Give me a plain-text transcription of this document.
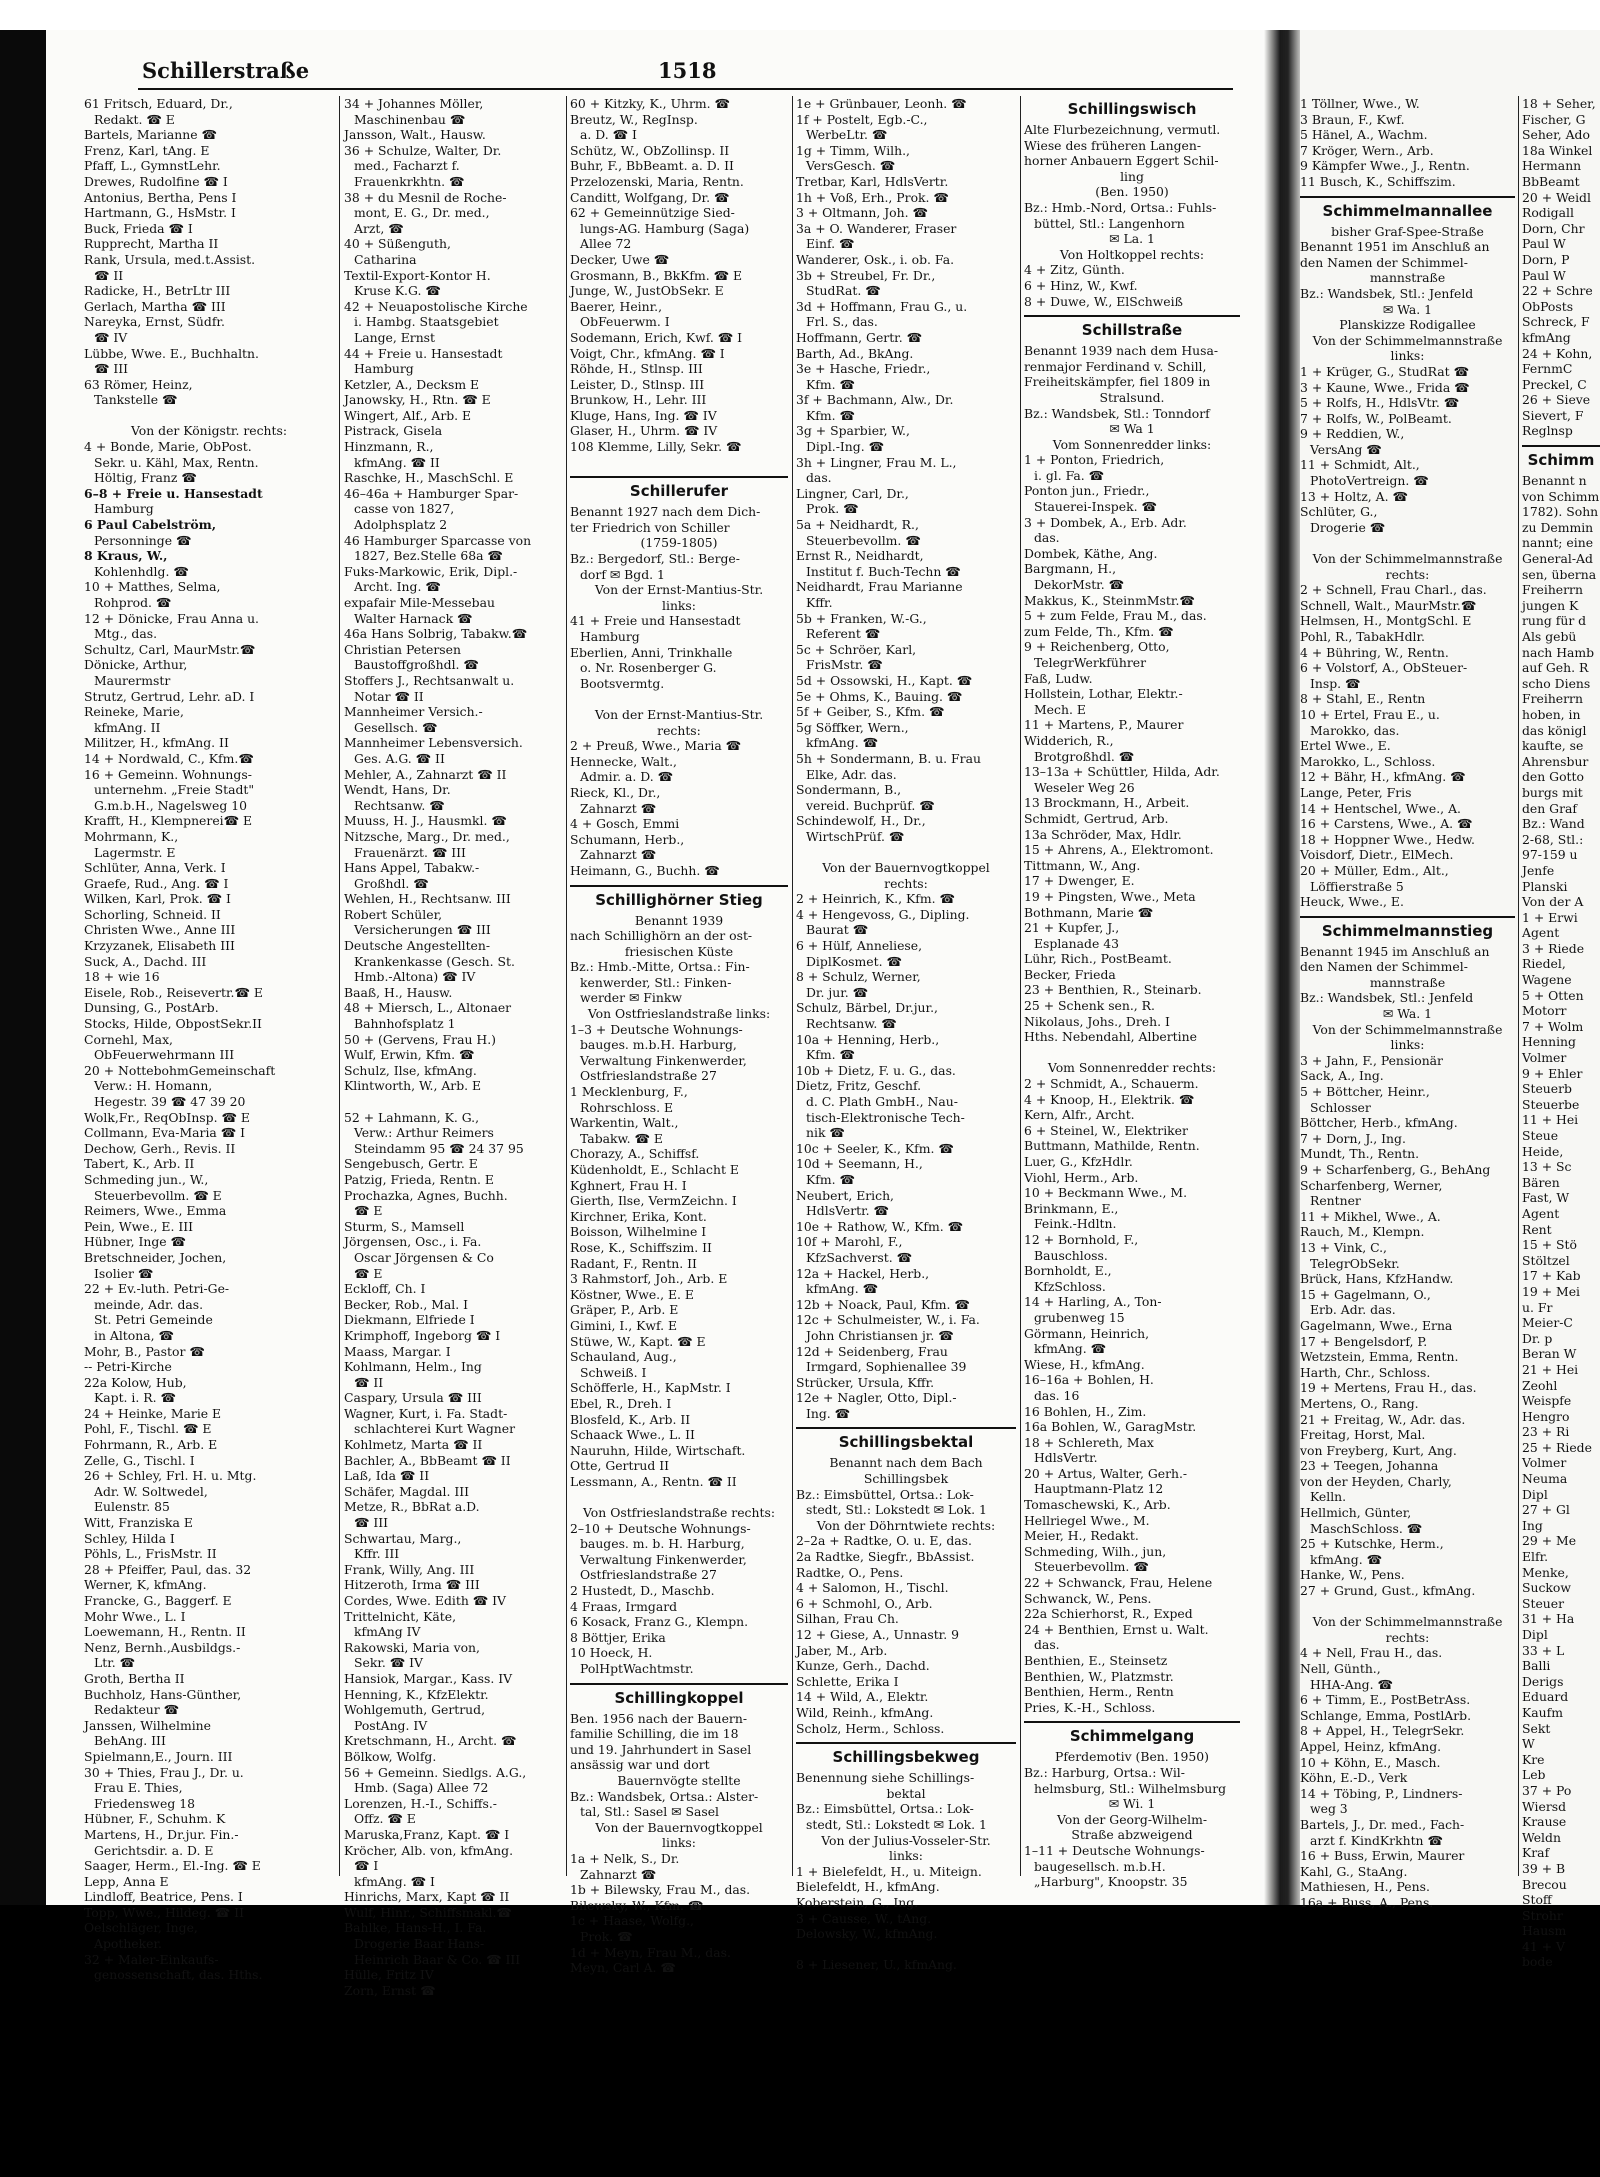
Schillerstraße	1518
61 Fritsch, Eduard, Dr.,
Redakt. ☎ E
Bartels, Marianne ☎
Frenz, Karl, tAng. E
Pfaff, L., GymnstLehr.
Drewes, Rudolfine ☎ I
Antonius, Bertha, Pens I
Hartmann, G., HsMstr. I
Buck, Frieda ☎ I
Rupprecht, Martha II
Rank, Ursula, med.t.Assist.
☎ II
Radicke, H., BetrLtr III
Gerlach, Martha ☎ III
Nareyka, Ernst, Südfr.
☎ IV
Lübbe, Wwe. E., Buchhaltn.
☎ III
63 Römer, Heinz,
Tankstelle ☎

Von der Königstr. rechts:
4 + Bonde, Marie, ObPost.
Sekr. u. Kähl, Max, Rentn.
Höltig, Franz ☎
6–8 + Freie u. Hansestadt
Hamburg
6 Paul Cabelström,
Personninge ☎
8 Kraus, W.,
Kohlenhdlg. ☎
10 + Matthes, Selma,
Rohprod. ☎
12 + Dönicke, Frau Anna u.
Mtg., das.
Schultz, Carl, MaurMstr.☎
Dönicke, Arthur,
Maurermstr
Strutz, Gertrud, Lehr. aD. I
Reineke, Marie,
kfmAng. II
Militzer, H., kfmAng. II
14 + Nordwald, C., Kfm.☎
16 + Gemeinn. Wohnungs-
unternehm. „Freie Stadt"
G.m.b.H., Nagelsweg 10
Krafft, H., Klempnerei☎ E
Mohrmann, K.,
Lagermstr. E
Schlüter, Anna, Verk. I
Graefe, Rud., Ang. ☎ I
Wilken, Karl, Prok. ☎ I
Schorling, Schneid. II
Christen Wwe., Anne III
Krzyzanek, Elisabeth III
Suck, A., Dachd. III
18 + wie 16
Eisele, Rob., Reisevertr.☎ E
Dunsing, G., PostArb.
Stocks, Hilde, ObpostSekr.II
Cornehl, Max,
ObFeuerwehrmann III
20 + NottebohmGemeinschaft
Verw.: H. Homann,
Hegestr. 39 ☎ 47 39 20
Wolk,Fr., ReqObInsp. ☎ E
Collmann, Eva-Maria ☎ I
Dechow, Gerh., Revis. II
Tabert, K., Arb. II
Schmeding jun., W.,
Steuerbevollm. ☎ E
Reimers, Wwe., Emma
Pein, Wwe., E. III
Hübner, Inge ☎
Bretschneider, Jochen,
Isolier ☎
22 + Ev.-luth. Petri-Ge-
meinde, Adr. das.
St. Petri Gemeinde
in Altona, ☎
Mohr, B., Pastor ☎
-- Petri-Kirche
22a Kolow, Hub,
Kapt. i. R. ☎
24 + Heinke, Marie E
Pohl, F., Tischl. ☎ E
Fohrmann, R., Arb. E
Zelle, G., Tischl. I
26 + Schley, Frl. H. u. Mtg.
Adr. W. Soltwedel,
Eulenstr. 85
Witt, Franziska E
Schley, Hilda I
Pöhls, L., FrisMstr. II
28 + Pfeiffer, Paul, das. 32
Werner, K, kfmAng.
Francke, G., Baggerf. E
Mohr Wwe., L. I
Loewemann, H., Rentn. II
Nenz, Bernh.,Ausbildgs.-
Ltr. ☎
Groth, Bertha II
Buchholz, Hans-Günther,
Redakteur ☎
Janssen, Wilhelmine
BehAng. III
Spielmann,E., Journ. III
30 + Thies, Frau J., Dr. u.
Frau E. Thies,
Friedensweg 18
Hübner, F., Schuhm. K
Martens, H., Dr.jur. Fin.-
Gerichtsdir. a. D. E
Saager, Herm., El.-Ing. ☎ E
Lepp, Anna E
Lindloff, Beatrice, Pens. I
Topp, Wwe., Hildeg. ☎ II
Oelschläger, Inge,
Apotheker.
32 + Maler-Einkaufs-
genossenschaft, das. Hths.
34 + Johannes Möller,
Maschinenbau ☎
Jansson, Walt., Hausw.
36 + Schulze, Walter, Dr.
med., Facharzt f.
Frauenkrkhtn. ☎
38 + du Mesnil de Roche-
mont, E. G., Dr. med.,
Arzt, ☎
40 + Süßenguth,
Catharina
Textil-Export-Kontor H.
Kruse K.G. ☎
42 + Neuapostolische Kirche
i. Hambg. Staatsgebiet
Lange, Ernst
44 + Freie u. Hansestadt
Hamburg
Ketzler, A., Decksm E
Janowsky, H., Rtn. ☎ E
Wingert, Alf., Arb. E
Pistrack, Gisela
Hinzmann, R.,
kfmAng. ☎ II
Raschke, H., MaschSchl. E
46–46a + Hamburger Spar-
casse von 1827,
Adolphsplatz 2
46 Hamburger Sparcasse von
1827, Bez.Stelle 68a ☎
Fuks-Markowic, Erik, Dipl.-
Archt. Ing. ☎
expafair Mile-Messebau
Walter Harnack ☎
46a Hans Solbrig, Tabakw.☎
Christian Petersen
Baustoffgroßhdl. ☎
Stoffers J., Rechtsanwalt u.
Notar ☎ II
Mannheimer Versich.-
Gesellsch. ☎
Mannheimer Lebensversich.
Ges. A.G. ☎ II
Mehler, A., Zahnarzt ☎ II
Wendt, Hans, Dr.
Rechtsanw. ☎
Muuss, H. J., Hausmkl. ☎
Nitzsche, Marg., Dr. med.,
Frauenärzt. ☎ III
Hans Appel, Tabakw.-
Großhdl. ☎
Wehlen, H., Rechtsanw. III
Robert Schüler,
Versicherungen ☎ III
Deutsche Angestellten-
Krankenkasse (Gesch. St.
Hmb.-Altona) ☎ IV
Baaß, H., Hausw.
48 + Miersch, L., Altonaer
Bahnhofsplatz 1
50 + (Gervens, Frau H.)
Wulf, Erwin, Kfm. ☎
Schulz, Ilse, kfmAng.
Klintworth, W., Arb. E

52 + Lahmann, K. G.,
Verw.: Arthur Reimers
Steindamm 95 ☎ 24 37 95
Sengebusch, Gertr. E
Patzig, Frieda, Rentn. E
Prochazka, Agnes, Buchh.
☎ E
Sturm, S., Mamsell
Jörgensen, Osc., i. Fa.
Oscar Jörgensen & Co
☎ E
Eckloff, Ch. I
Becker, Rob., Mal. I
Diekmann, Elfriede I
Krimphoff, Ingeborg ☎ I
Maass, Margar. I
Kohlmann, Helm., Ing
☎ II
Caspary, Ursula ☎ III
Wagner, Kurt, i. Fa. Stadt-
schlachterei Kurt Wagner
Kohlmetz, Marta ☎ II
Bachler, A., BbBeamt ☎ II
Laß, Ida ☎ II
Schäfer, Magdal. III
Metze, R., BbRat a.D.
☎ III
Schwartau, Marg.,
Kffr. III
Frank, Willy, Ang. III
Hitzeroth, Irma ☎ III
Cordes, Wwe. Edith ☎ IV
Trittelnicht, Käte,
kfmAng IV
Rakowski, Maria von,
Sekr. ☎ IV
Hansiok, Margar., Kass. IV
Henning, K., KfzElektr.
Wohlgemuth, Gertrud,
PostAng. IV
Kretschmann, H., Archt. ☎
Bölkow, Wolfg.
56 + Gemeinn. Siedlgs. A.G.,
Hmb. (Saga) Allee 72
Lorenzen, H.-I., Schiffs.-
Offz. ☎ E
Maruska,Franz, Kapt. ☎ I
Kröcher, Alb. von, kfmAng.
☎ I
kfmAng. ☎ I
Hinrichs, Marx, Kapt ☎ II
Wulf, Hinr., Schiffsmakl.☎
Bahlke, Hans-H., I. Fa.
Drogerie Baar Hans-
Heinrich Baar & Co. ☎ III
Hülle, Fritz IV
Zorn, Ernst ☎
60 + Kitzky, K., Uhrm. ☎
Breutz, W., RegInsp.
a. D. ☎ I
Schütz, W., ObZollinsp. II
Buhr, F., BbBeamt. a. D. II
Przelozenski, Maria, Rentn.
Canditt, Wolfgang, Dr. ☎
62 + Gemeinnützige Sied-
lungs-AG. Hamburg (Saga)
Allee 72
Decker, Uwe ☎
Grosmann, B., BkKfm. ☎ E
Junge, W., JustObSekr. E
Baerer, Heinr.,
ObFeuerwm. I
Sodemann, Erich, Kwf. ☎ I
Voigt, Chr., kfmAng. ☎ I
Röhde, H., Stlnsp. III
Leister, D., Stlnsp. III
Brunkow, H., Lehr. III
Kluge, Hans, Ing. ☎ IV
Glaser, H., Uhrm. ☎ IV
108 Klemme, Lilly, Sekr. ☎

Schillerufer
Benannt 1927 nach dem Dich-
ter Friedrich von Schiller
(1759-1805)
Bz.: Bergedorf, Stl.: Berge-
dorf ✉ Bgd. 1
Von der Ernst-Mantius-Str.
links:
41 + Freie und Hansestadt
Hamburg
Eberlien, Anni, Trinkhalle
o. Nr. Rosenberger G.
Bootsvermtg.

Von der Ernst-Mantius-Str.
rechts:
2 + Preuß, Wwe., Maria ☎
Hennecke, Walt.,
Admir. a. D. ☎
Rieck, Kl., Dr.,
Zahnarzt ☎
4 + Gosch, Emmi
Schumann, Herb.,
Zahnarzt ☎
Heimann, G., Buchh. ☎
Schillighörner Stieg
Benannt 1939
nach Schillighörn an der ost-
friesischen Küste
Bz.: Hmb.-Mitte, Ortsa.: Fin-
kenwerder, Stl.: Finken-
werder ✉ Finkw
Von Ostfrieslandstraße links:
1–3 + Deutsche Wohnungs-
bauges. m.b.H. Harburg,
Verwaltung Finkenwerder,
Ostfrieslandstraße 27
1 Mecklenburg, F.,
Rohrschloss. E
Warkentin, Walt.,
Tabakw. ☎ E
Chorazy, A., Schiffsf.
Küdenholdt, E., Schlacht E
Kghnert, Frau H. I
Gierth, Ilse, VermZeichn. I
Kirchner, Erika, Kont.
Boisson, Wilhelmine I
Rose, K., Schiffszim. II
Radant, F., Rentn. II
3 Rahmstorf, Joh., Arb. E
Köstner, Wwe., E. E
Gräper, P., Arb. E
Gimini, I., Kwf. E
Stüwe, W., Kapt. ☎ E
Schauland, Aug.,
Schweiß. I
Schöfferle, H., KapMstr. I
Ebel, R., Dreh. I
Blosfeld, K., Arb. II
Schaack Wwe., L. II
Nauruhn, Hilde, Wirtschaft.
Otte, Gertrud II
Lessmann, A., Rentn. ☎ II

Von Ostfrieslandstraße rechts:
2–10 + Deutsche Wohnungs-
bauges. m. b. H. Harburg,
Verwaltung Finkenwerder,
Ostfrieslandstraße 27
2 Hustedt, D., Maschb.
4 Fraas, Irmgard
6 Kosack, Franz G., Klempn.
8 Böttjer, Erika
10 Hoeck, H.
PolHptWachtmstr.
Schillingkoppel
Ben. 1956 nach der Bauern-
familie Schilling, die im 18
und 19. Jahrhundert in Sasel
ansässig war und dort
Bauernvögte stellte
Bz.: Wandsbek, Ortsa.: Alster-
tal, Stl.: Sasel ✉ Sasel
Von der Bauernvogtkoppel
links:
1a + Nelk, S., Dr.
Zahnarzt ☎
1b + Bilewsky, Frau M., das.
Bilewsky, W., Kfm. ☎
1c + Haase, Wolfg.,
Prok. ☎
1d + Meyn, Frau M., das.
Meyn, Carl A. ☎
1e + Grünbauer, Leonh. ☎
1f + Postelt, Egb.-C.,
WerbeLtr. ☎
1g + Timm, Wilh.,
VersGesch. ☎
Tretbar, Karl, HdlsVertr.
1h + Voß, Erh., Prok. ☎
3 + Oltmann, Joh. ☎
3a + O. Wanderer, Fraser
Einf. ☎
Wanderer, Osk., i. ob. Fa.
3b + Streubel, Fr. Dr.,
StudRat. ☎
3d + Hoffmann, Frau G., u.
Frl. S., das.
Hoffmann, Gertr. ☎
Barth, Ad., BkAng.
3e + Hasche, Friedr.,
Kfm. ☎
3f + Bachmann, Alw., Dr.
Kfm. ☎
3g + Sparbier, W.,
Dipl.-Ing. ☎
3h + Lingner, Frau M. L.,
das.
Lingner, Carl, Dr.,
Prok. ☎
5a + Neidhardt, R.,
Steuerbevollm. ☎
Ernst R., Neidhardt,
Institut f. Buch-Techn ☎
Neidhardt, Frau Marianne
Kffr.
5b + Franken, W.-G.,
Referent ☎
5c + Schröer, Karl,
FrisMstr. ☎
5d + Ossowski, H., Kapt. ☎
5e + Ohms, K., Bauing. ☎
5f + Geiber, S., Kfm. ☎
5g Söffker, Wern.,
kfmAng. ☎
5h + Sondermann, B. u. Frau
Elke, Adr. das.
Sondermann, B.,
vereid. Buchprüf. ☎
Schindewolf, H., Dr.,
WirtschPrüf. ☎

Von der Bauernvogtkoppel
rechts:
2 + Heinrich, K., Kfm. ☎
4 + Hengevoss, G., Dipling.
Baurat ☎
6 + Hülf, Anneliese,
DiplKosmet. ☎
8 + Schulz, Werner,
Dr. jur. ☎
Schulz, Bärbel, Dr.jur.,
Rechtsanw. ☎
10a + Henning, Herb.,
Kfm. ☎
10b + Dietz, F. u. G., das.
Dietz, Fritz, Geschf.
d. C. Plath GmbH., Nau-
tisch-Elektronische Tech-
nik ☎
10c + Seeler, K., Kfm. ☎
10d + Seemann, H.,
Kfm. ☎
Neubert, Erich,
HdlsVertr. ☎
10e + Rathow, W., Kfm. ☎
10f + Marohl, F.,
KfzSachverst. ☎
12a + Hackel, Herb.,
kfmAng. ☎
12b + Noack, Paul, Kfm. ☎
12c + Schulmeister, W., i. Fa.
John Christiansen jr. ☎
12d + Seidenberg, Frau
Irmgard, Sophienallee 39
Strücker, Ursula, Kffr.
12e + Nagler, Otto, Dipl.-
Ing. ☎
Schillingsbektal
Benannt nach dem Bach
Schillingsbek
Bz.: Eimsbüttel, Ortsa.: Lok-
stedt, Stl.: Lokstedt ✉ Lok. 1
Von der Döhrntwiete rechts:
2–2a + Radtke, O. u. E, das.
2a Radtke, Siegfr., BbAssist.
Radtke, O., Pens.
4 + Salomon, H., Tischl.
6 + Schmohl, O., Arb.
Silhan, Frau Ch.
12 + Giese, A., Unnastr. 9
Jaber, M., Arb.
Kunze, Gerh., Dachd.
Schlette, Erika I
14 + Wild, A., Elektr.
Wild, Reinh., kfmAng.
Scholz, Herm., Schloss.
Schillingsbekweg
Benennung siehe Schillings-
bektal
Bz.: Eimsbüttel, Ortsa.: Lok-
stedt, Stl.: Lokstedt ✉ Lok. 1
Von der Julius-Vosseler-Str.
links:
1 + Bielefeldt, H., u. Miteign.
Bielefeldt, H., kfmAng.
Koberstein, G., Ing.
3 + Causse, W., tAng.
Delowsky, W., kfmAng.

8 + Liesener, U., kfmAng.
Schillingswisch
Alte Flurbezeichnung, vermutl.
Wiese des früheren Langen-
horner Anbauern Eggert Schil-
ling
(Ben. 1950)
Bz.: Hmb.-Nord, Ortsa.: Fuhls-
büttel, Stl.: Langenhorn
✉ La. 1
Von Holtkoppel rechts:
4 + Zitz, Günth.
6 + Hinz, W., Kwf.
8 + Duwe, W., ElSchweiß
Schillstraße
Benannt 1939 nach dem Husa-
renmajor Ferdinand v. Schill,
Freiheitskämpfer, fiel 1809 in
Stralsund.
Bz.: Wandsbek, Stl.: Tonndorf
✉ Wa 1
Vom Sonnenredder links:
1 + Ponton, Friedrich,
i. gl. Fa. ☎
Ponton jun., Friedr.,
Stauerei-Inspek. ☎
3 + Dombek, A., Erb. Adr.
das.
Dombek, Käthe, Ang.
Bargmann, H.,
DekorMstr. ☎
Makkus, K., SteinmMstr.☎
5 + zum Felde, Frau M., das.
zum Felde, Th., Kfm. ☎
9 + Reichenberg, Otto,
TelegrWerkführer
Faß, Ludw.
Hollstein, Lothar, Elektr.-
Mech. E
11 + Martens, P., Maurer
Widderich, R.,
Brotgroßhdl. ☎
13–13a + Schüttler, Hilda, Adr.
Weseler Weg 26
13 Brockmann, H., Arbeit.
Schmidt, Gertrud, Arb.
13a Schröder, Max, Hdlr.
15 + Ahrens, A., Elektromont.
Tittmann, W., Ang.
17 + Dwenger, E.
19 + Pingsten, Wwe., Meta
Bothmann, Marie ☎
21 + Kupfer, J.,
Esplanade 43
Lühr, Rich., PostBeamt.
Becker, Frieda
23 + Benthien, R., Steinarb.
25 + Schenk sen., R.
Nikolaus, Johs., Dreh. I
Hths. Nebendahl, Albertine

Vom Sonnenredder rechts:
2 + Schmidt, A., Schauerm.
4 + Knoop, H., Elektrik. ☎
Kern, Alfr., Archt.
6 + Steinel, W., Elektriker
Buttmann, Mathilde, Rentn.
Luer, G., KfzHdlr.
Viohl, Herm., Arb.
10 + Beckmann Wwe., M.
Brinkmann, E.,
Feink.-Hdltn.
12 + Bornhold, F.,
Bauschloss.
Bornholdt, E.,
KfzSchloss.
14 + Harling, A., Ton-
grubenweg 15
Görmann, Heinrich,
kfmAng. ☎
Wiese, H., kfmAng.
16–16a + Bohlen, H.
das. 16
16 Bohlen, H., Zim.
16a Bohlen, W., GaragMstr.
18 + Schlereth, Max
HdlsVertr.
20 + Artus, Walter, Gerh.-
Hauptmann-Platz 12
Tomaschewski, K., Arb.
Hellriegel Wwe., M.
Meier, H., Redakt.
Schmeding, Wilh., jun,
Steuerbevollm. ☎
22 + Schwanck, Frau, Helene
Schwanck, W., Pens.
22a Schierhorst, R., Exped
24 + Benthien, Ernst u. Walt.
das.
Benthien, E., Steinsetz
Benthien, W., Platzmstr.
Benthien, Herm., Rentn
Pries, K.-H., Schloss.
Schimmelgang
Pferdemotiv (Ben. 1950)
Bz.: Harburg, Ortsa.: Wil-
helmsburg, Stl.: Wilhelmsburg
✉ Wi. 1
Von der Georg-Wilhelm-
Straße abzweigend
1–11 + Deutsche Wohnungs-
baugesellsch. m.b.H.
„Harburg", Knoopstr. 35
1 Töllner, Wwe., W.
3 Braun, F., Kwf.
5 Hänel, A., Wachm.
7 Kröger, Wern., Arb.
9 Kämpfer Wwe., J., Rentn.
11 Busch, K., Schiffszim.
Schimmelmannallee
bisher Graf-Spee-Straße
Benannt 1951 im Anschluß an
den Namen der Schimmel-
mannstraße
Bz.: Wandsbek, Stl.: Jenfeld
✉ Wa. 1
Planskizze Rodigallee
Von der Schimmelmannstraße
links:
1 + Krüger, G., StudRat ☎
3 + Kaune, Wwe., Frida ☎
5 + Rolfs, H., HdlsVtr. ☎
7 + Rolfs, W., PolBeamt.
9 + Reddien, W.,
VersAng ☎
11 + Schmidt, Alt.,
PhotoVertreign. ☎
13 + Holtz, A. ☎
Schlüter, G.,
Drogerie ☎

Von der Schimmelmannstraße
rechts:
2 + Schnell, Frau Charl., das.
Schnell, Walt., MaurMstr.☎
Helmsen, H., MontgSchl. E
Pohl, R., TabakHdlr.
4 + Bühring, W., Rentn.
6 + Volstorf, A., ObSteuer-
Insp. ☎
8 + Stahl, E., Rentn
10 + Ertel, Frau E., u.
Marokko, das.
Ertel Wwe., E.
Marokko, L., Schloss.
12 + Bähr, H., kfmAng. ☎
Lange, Peter, Fris
14 + Hentschel, Wwe., A.
16 + Carstens, Wwe., A. ☎
18 + Hoppner Wwe., Hedw.
Voisdorf, Dietr., ElMech.
20 + Müller, Edm., Alt.,
Löffierstraße 5
Heuck, Wwe., E.
Schimmelmannstieg
Benannt 1945 im Anschluß an
den Namen der Schimmel-
mannstraße
Bz.: Wandsbek, Stl.: Jenfeld
✉ Wa. 1
Von der Schimmelmannstraße
links:
3 + Jahn, F., Pensionär
Sack, A., Ing.
5 + Böttcher, Heinr.,
Schlosser
Böttcher, Herb., kfmAng.
7 + Dorn, J., Ing.
Mundt, Th., Rentn.
9 + Scharfenberg, G., BehAng
Scharfenberg, Werner,
Rentner
11 + Mikhel, Wwe., A.
Rauch, M., Klempn.
13 + Vink, C.,
TelegrObSekr.
Brück, Hans, KfzHandw.
15 + Gagelmann, O.,
Erb. Adr. das.
Gagelmann, Wwe., Erna
17 + Bengelsdorf, P.
Wetzstein, Emma, Rentn.
Harth, Chr., Schloss.
19 + Mertens, Frau H., das.
Mertens, O., Rang.
21 + Freitag, W., Adr. das.
Freitag, Horst, Mal.
von Freyberg, Kurt, Ang.
23 + Teegen, Johanna
von der Heyden, Charly,
Kelln.
Hellmich, Günter,
MaschSchloss. ☎
25 + Kutschke, Herm.,
kfmAng. ☎
Hanke, W., Pens.
27 + Grund, Gust., kfmAng.

Von der Schimmelmannstraße
rechts:
4 + Nell, Frau H., das.
Nell, Günth.,
HHA-Ang. ☎
6 + Timm, E., PostBetrAss.
Schlange, Emma, PostlArb.
8 + Appel, H., TelegrSekr.
Appel, Heinz, kfmAng.
10 + Köhn, E., Masch.
Köhn, E.-D., Verk
14 + Töbing, P., Lindners-
weg 3
Bartels, J., Dr. med., Fach-
arzt f. KindKrkhtn ☎
16 + Buss, Erwin, Maurer
Kahl, G., StaAng.
Mathiesen, H., Pens.
16a + Buss, A., Pens.
18 + Seher,
Fischer, G
Seher, Ado
18a Winkel
Hermann
BbBeamt
20 + Weidl
Rodigall
Dorn, Chr
Paul W
Dorn, P
Paul W
22 + Schre
ObPosts
Schreck, F
kfmAng
24 + Kohn,
FernmC
Preckel, C
26 + Sieve
Sievert, F
Reglnsp
Schimm
Benannt n
von Schimm
1782). Sohn
zu Demmin
nannt; eine
General-Ad
sen, überna
Freiherrn
jungen K
rung für d
Als gebü
nach Hamb
auf Geh. R
scho Diens
Freiherrn
hoben, in
das königl
kaufte, se
Ahrensbur
den Gotto
burgs mit
den Graf
Bz.: Wand
2-68, Stl.:
97-159 u
Jenfe
Planski
Von der A
1 + Erwi
Agent
3 + Riede
Riedel,
Wagene
5 + Otten
Motorr
7 + Wolm
Henning
Volmer
9 + Ehler
Steuerb
Steuerbe
11 + Hei
Steue
Heide,
13 + Sc
Bären
Fast, W
Agent
Rent
15 + Stö
Stöltzel
17 + Kab
19 + Mei
u. Fr
Meier-C
Dr. p
Beran W
21 + Hei
Zeohl
Weispfe
Hengro
23 + Ri
25 + Riede
Volmer
Neuma
Dipl
27 + Gl
Ing
29 + Me
Elfr.
Menke,
Suckow
Steuer
31 + Ha
Dipl
33 + L
Balli
Derigs
Eduard
Kaufm
Sekt
W
Kre
Leb
37 + Po
Wiersd
Krause
Weldn
Kraf
39 + B
Brecou
Stoff
Strohr
Hausm
41 + V
bode
